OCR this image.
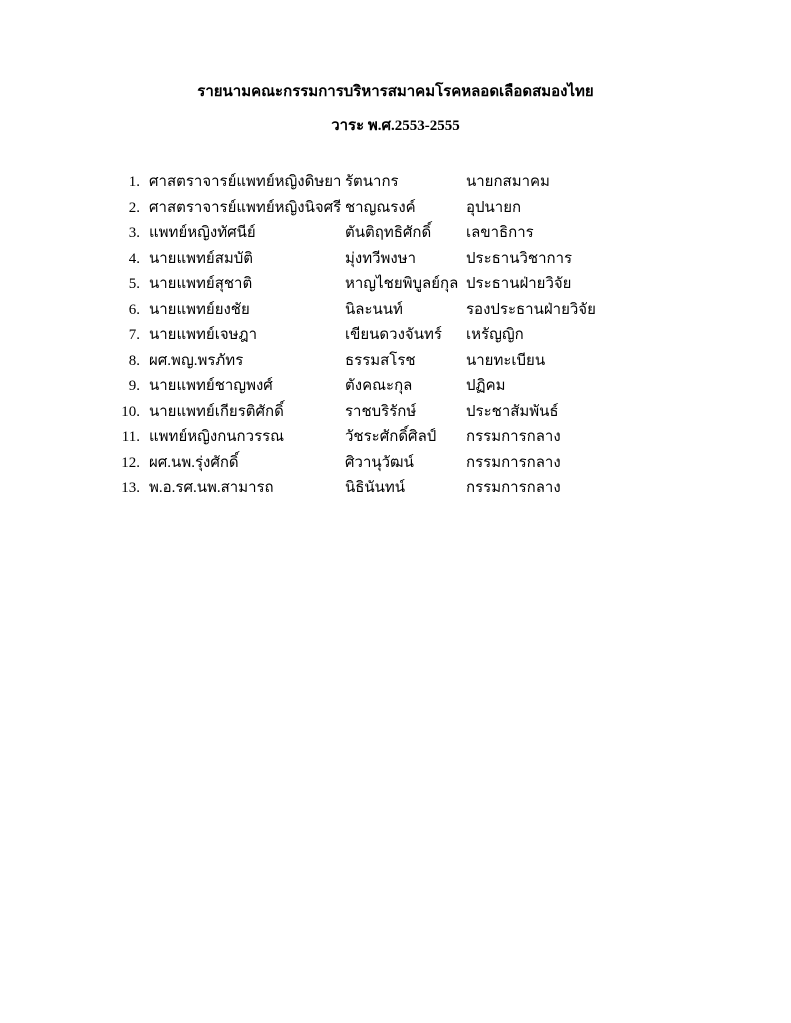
รายนามคณะกรรมการบริหารสมาคมโรคหลอดเลือดสมองไทย
วาระ พ.ศ.2553-2555
1. ศาสตราจารย์แพทย์หญิงดิษยา รัตนากร	นายกสมาคม
2. ศาสตราจารย์แพทย์หญิงนิจศรี ชาญณรงค์	อุปนายก
3. แพทย์หญิงทัศนีย์	ตันติฤทธิศักดิ์	เลขาธิการ
4. นายแพทย์สมบัติ	มุ่งทวีพงษา	ประธานวิชาการ
5. นายแพทย์สุชาติ	หาญไชยพิบูลย์กุล ประธานฝ่ายวิจัย
6. นายแพทย์ยงชัย	นิละนนท์	รองประธานฝ่ายวิจัย
7. นายแพทย์เจษฎา	เขียนดวงจันทร์	เหรัญญิก
8. ผศ.พญ.พรภัทร	ธรรมสโรช	นายทะเบียน
9. นายแพทย์ชาญพงศ์	ตังคณะกุล	ปฏิคม
10. นายแพทย์เกียรติศักดิ์	ราชบริรักษ์	ประชาสัมพันธ์
11. แพทย์หญิงกนกวรรณ	วัชระศักดิ์ศิลป์	กรรมการกลาง
12. ผศ.นพ.รุ่งศักดิ์	ศิวานุวัฒน์	กรรมการกลาง
13. พ.อ.รศ.นพ.สามารถ	นิธินันทน์	กรรมการกลาง
